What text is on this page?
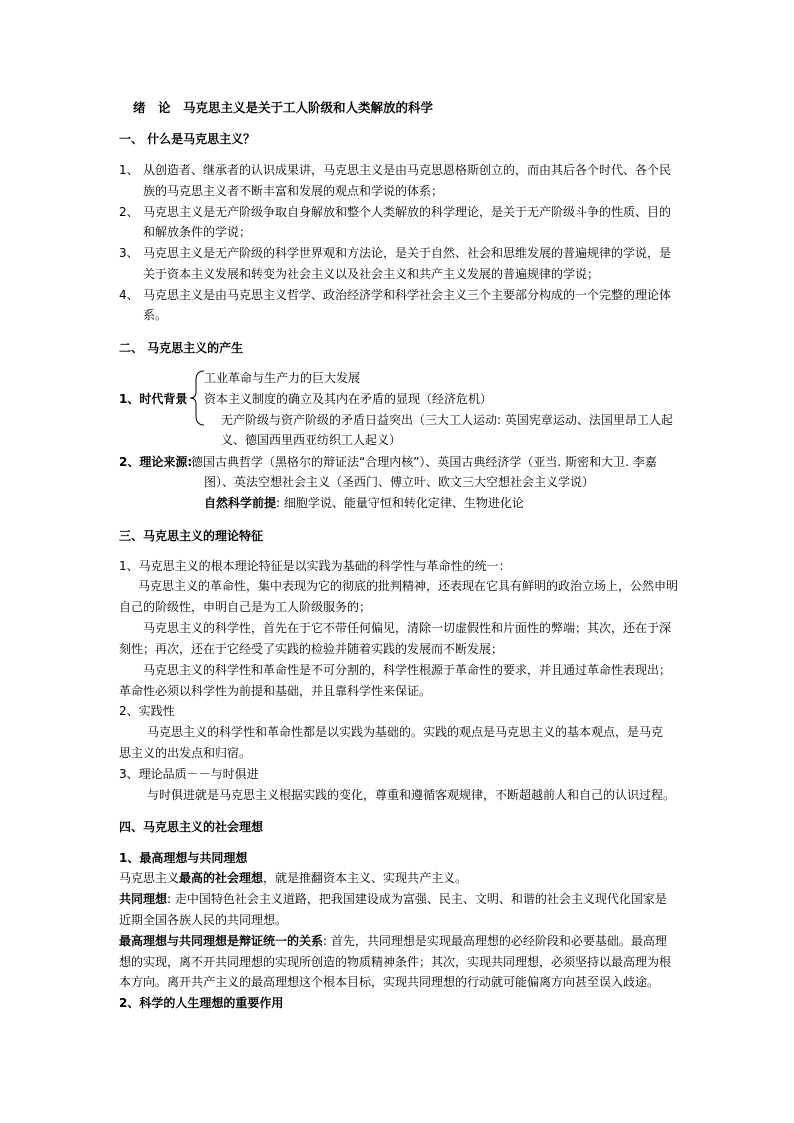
绪　论　马克思主义是关于工人阶级和人类解放的科学
一、 什么是马克思主义？
1、 从创造者、继承者的认识成果讲，马克思主义是由马克思恩格斯创立的，而由其后各个时代、各个民
族的马克思主义者不断丰富和发展的观点和学说的体系；
2、 马克思主义是无产阶级争取自身解放和整个人类解放的科学理论，是关于无产阶级斗争的性质、目的
和解放条件的学说；
3、 马克思主义是无产阶级的科学世界观和方法论，是关于自然、社会和思维发展的普遍规律的学说，是
关于资本主义发展和转变为社会主义以及社会主义和共产主义发展的普遍规律的学说；
4、 马克思主义是由马克思主义哲学、政治经济学和科学社会主义三个主要部分构成的一个完整的理论体
系。
二、 马克思主义的产生
1、时代背景
工业革命与生产力的巨大发展
资本主义制度的确立及其内在矛盾的显现（经济危机）
无产阶级与资产阶级的矛盾日益突出（三大工人运动: 英国宪章运动、法国里昂工人起
义、德国西里西亚纺织工人起义）
2、理论来源:
德国古典哲学（黑格尔的辩证法“合理内核”）、英国古典经济学（亚当. 斯密和大卫. 李嘉
图）、英法空想社会主义（圣西门、傅立叶、欧文三大空想社会主义学说）
自然科学前提: 细胞学说、能量守恒和转化定律、生物进化论
三、马克思主义的理论特征
1、马克思主义的根本理论特征是以实践为基础的科学性与革命性的统一：
马克思主义的革命性，集中表现为它的彻底的批判精神，还表现在它具有鲜明的政治立场上，公然申明
自己的阶级性，申明自己是为工人阶级服务的；
马克思主义的科学性，首先在于它不带任何偏见，清除一切虚假性和片面性的弊端；其次，还在于深
刻性；再次，还在于它经受了实践的检验并随着实践的发展而不断发展；
马克思主义的科学性和革命性是不可分割的，科学性根源于革命性的要求，并且通过革命性表现出；
革命性必须以科学性为前提和基础，并且靠科学性来保证。
2、实践性
马克思主义的科学性和革命性都是以实践为基础的。实践的观点是马克思主义的基本观点，是马克
思主义的出发点和归宿。
3、理论品质－－与时俱进
与时俱进就是马克思主义根据实践的变化，尊重和遵循客观规律，不断超越前人和自己的认识过程。
四、马克思主义的社会理想
1、最高理想与共同理想
马克思主义最高的社会理想，就是推翻资本主义、实现共产主义。
共同理想: 走中国特色社会主义道路，把我国建设成为富强、民主、文明、和谐的社会主义现代化国家是
近期全国各族人民的共同理想。
最高理想与共同理想是辩证统一的关系: 首先，共同理想是实现最高理想的必经阶段和必要基础。最高理
想的实现，离不开共同理想的实现所创造的物质精神条件；其次，实现共同理想，必须坚持以最高理为根
本方向。离开共产主义的最高理想这个根本目标，实现共同理想的行动就可能偏离方向甚至误入歧途。
2、科学的人生理想的重要作用
